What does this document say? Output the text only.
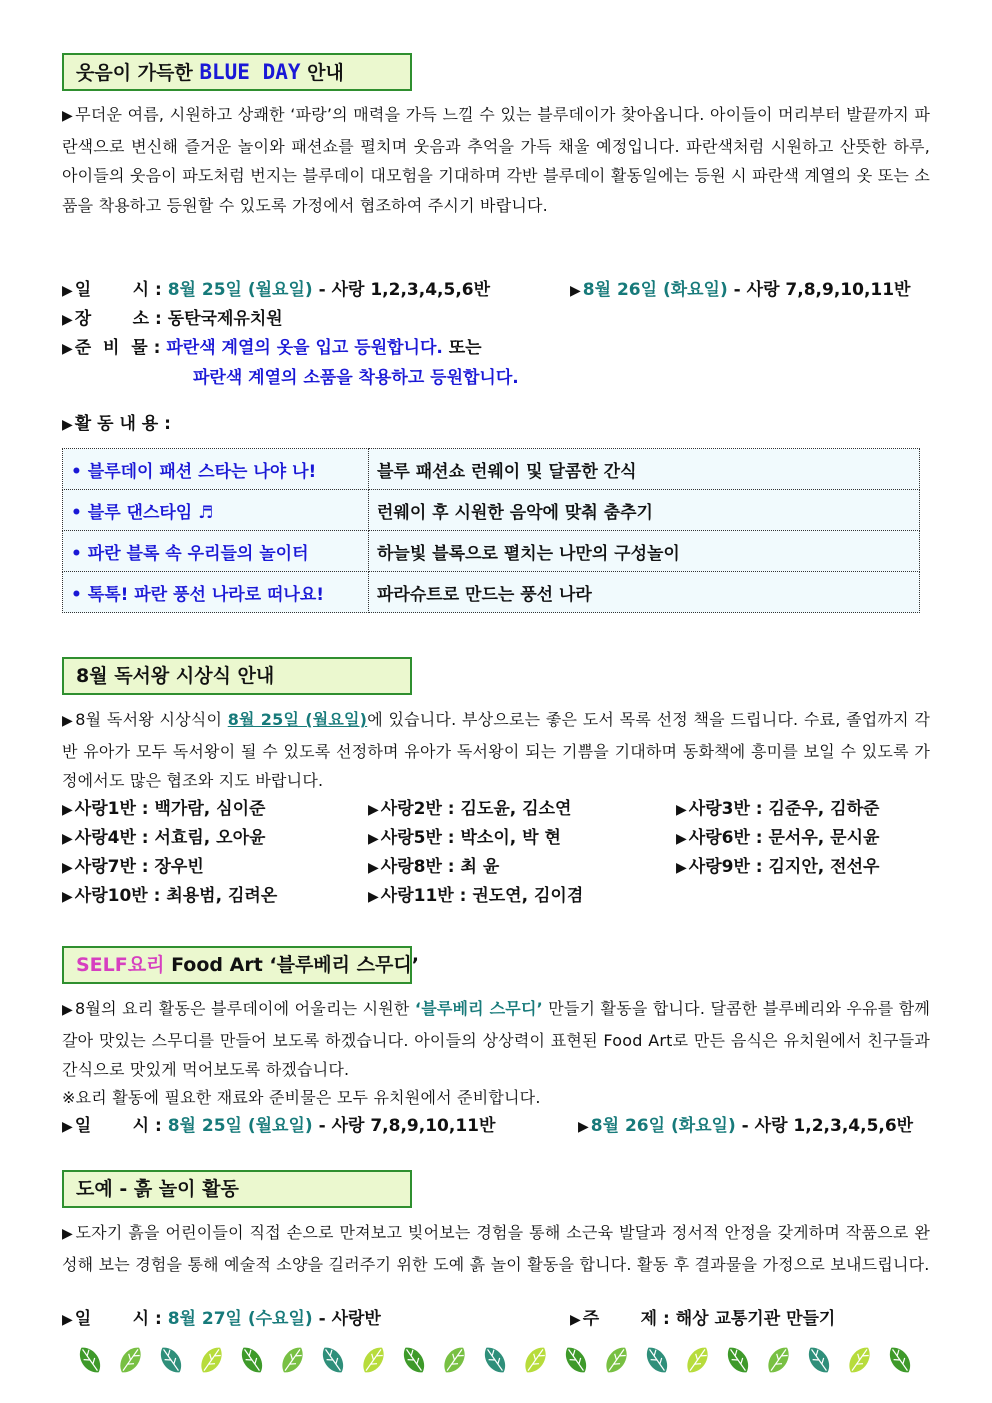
웃음이 가득한 BLUE DAY 안내
▶ 무더운 여름, 시원하고 상쾌한 ‘파랑’의 매력을 가득 느낄 수 있는 블루데이가 찾아옵니다. 아이들이 머리부터 발끝까지 파란색으로 변신해 즐거운 놀이와 패션쇼를 펼치며 웃음과 추억을 가득 채울 예정입니다. 파란색처럼 시원하고 산뜻한 하루, 아이들의 웃음이 파도처럼 번지는 블루데이 대모험을 기대하며 각반 블루데이 활동일에는 등원 시 파란색 계열의 옷 또는 소품을 착용하고 등원할 수 있도록 가정에서 협조하여 주시기 바랍니다.
▶ 일       시 : 8월 25일 (월요일) - 사랑 1,2,3,4,5,6반	▶ 8월 26일 (화요일) - 사랑 7,8,9,10,11반
▶ 장       소 : 동탄국제유치원
▶ 준  비  물 : 파란색 계열의 옷을 입고 등원합니다. 또는
파란색 계열의 소품을 착용하고 등원합니다.
▶ 활 동 내 용 :
• 블루데이 패션 스타는 나야 나!	블루 패션쇼 런웨이 및 달콤한 간식
• 블루 댄스타임 ♬	런웨이 후 시원한 음악에 맞춰 춤추기
• 파란 블록 속 우리들의 놀이터	하늘빛 블록으로 펼치는 나만의 구성놀이
• 톡톡! 파란 풍선 나라로 떠나요!	파라슈트로 만드는 풍선 나라
8월 독서왕 시상식 안내
▶ 8월 독서왕 시상식이 8월 25일 (월요일)에 있습니다. 부상으로는 좋은 도서 목록 선정 책을 드립니다. 수료, 졸업까지 각반 유아가 모두 독서왕이 될 수 있도록 선정하며 유아가 독서왕이 되는 기쁨을 기대하며 동화책에 흥미를 보일 수 있도록 가정에서도 많은 협조와 지도 바랍니다.
▶ 사랑1반 : 백가람, 심이준	▶ 사랑2반 : 김도윤, 김소연	▶ 사랑3반 : 김준우, 김하준
▶ 사랑4반 : 서효림, 오아윤	▶ 사랑5반 : 박소이, 박 현	▶ 사랑6반 : 문서우, 문시윤
▶ 사랑7반 : 장우빈	▶ 사랑8반 : 최 윤	▶ 사랑9반 : 김지안, 전선우
▶ 사랑10반 : 최용범, 김려온	▶ 사랑11반 : 권도연, 김이겸
SELF요리 Food Art ‘블루베리 스무디’
▶ 8월의 요리 활동은 블루데이에 어울리는 시원한 ‘블루베리 스무디’ 만들기 활동을 합니다. 달콤한 블루베리와 우유를 함께 갈아 맛있는 스무디를 만들어 보도록 하겠습니다. 아이들의 상상력이 표현된 Food Art로 만든 음식은 유치원에서 친구들과 간식으로 맛있게 먹어보도록 하겠습니다.
※요리 활동에 필요한 재료와 준비물은 모두 유치원에서 준비합니다.
▶ 일       시 : 8월 25일 (월요일) - 사랑 7,8,9,10,11반	▶ 8월 26일 (화요일) - 사랑 1,2,3,4,5,6반
도예 - 흙 놀이 활동
▶ 도자기 흙을 어린이들이 직접 손으로 만져보고 빚어보는 경험을 통해 소근육 발달과 정서적 안정을 갖게하며 작품으로 완성해 보는 경험을 통해 예술적 소양을 길러주기 위한 도예 흙 놀이 활동을 합니다. 활동 후 결과물을 가정으로 보내드립니다.
▶ 일       시 : 8월 27일 (수요일) - 사랑반	▶ 주       제 : 해상 교통기관 만들기
